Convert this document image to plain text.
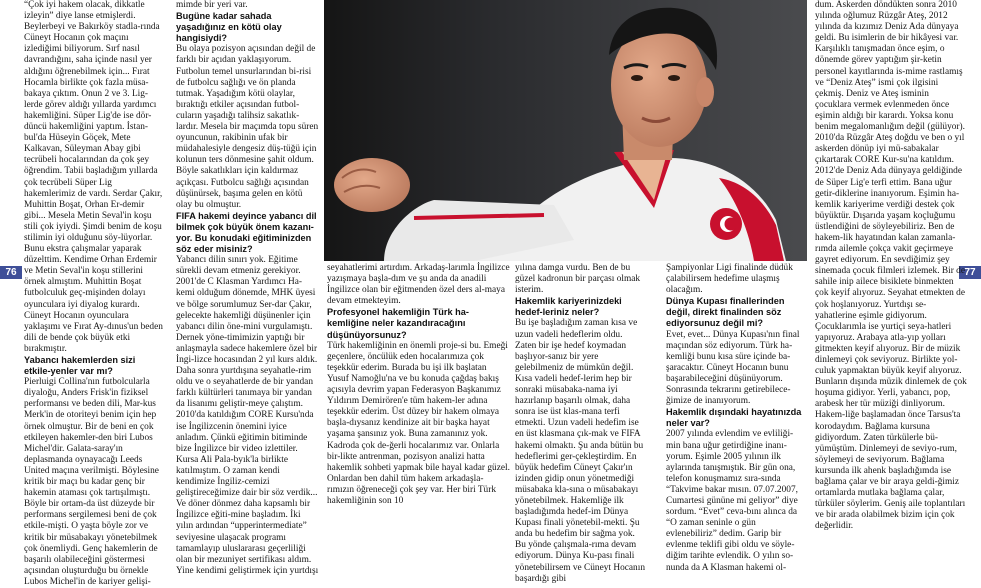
76	77

“Çok iyi hakem olacak, dikkatle izleyin” diye lanse etmişlerdi. Beylerbeyi ve Bakırköy stadla-rında Cüneyt Hocanın çok maçını izlediğimi biliyorum. Sırf nasıl davrandığını, saha içinde nasıl yer aldığını öğrenebilmek için... Fırat Hocamla birlikte çok fazla müsa-bakaya çıktım. Onun 2 ve 3. Lig-lerde görev aldığı yıllarda yardımcı hakemliğini. Süper Lig'de ise dör-düncü hakemliğini yaptım. İstan-bul'da Hüseyin Göçek, Mete Kalkavan, Süleyman Abay gibi tecrübeli hocalarından da çok şey öğrendim. Tabii başladığım yıllarda çok tecrübeli Süper Lig hakemlerimiz de vardı. Serdar Çakır, Muhittin Boşat, Orhan Er-demir gibi... Mesela Metin Seval'in koşu stili çok iyiydi. Şimdi benim de koşu stilimin iyi olduğunu söy-lüyorlar. Bunu ekstra çalışmalar yaparak düzelttim. Kendime Orhan Erdemir ve Metin Seval'in koşu stillerini örnek almıştım. Muhittin Boşat futbolculuk geç-mişinden dolayı oyunculara iyi diyalog kurardı. Cüneyt Hocanın oyunculara yaklaşımı ve Fırat Ay-dınus'un beden dili de bende çok büyük etki bırakmıştır.

Yabancı hakemlerden sizi etkile-yenler var mı?

Pierluigi Collina'nın futbolcularla diyaloğu, Anders Frisk'in fiziksel performansı ve beden dili, Mar-kus Merk'in de otoriteyi benim için hep örnek olmuştur. Bir de beni en çok etkileyen hakemler-den biri Lubos Michel'dir. Galata-saray'ın deplasmanda oynayacağı Leeds United maçına verilmişti. Böylesine kritik bir maçı bu kadar genç bir hakemin ataması çok tartışılmıştı. Böyle bir ortam-da üst düzeyde bir performans sergilemesi beni de çok etkile-mişti. O yaşta böyle zor ve kritik bir müsabakayı yönetebilmek çok önemliydi. Genç hakemlerin de başarılı olabileceğini göstermesi açısından oluşturduğu bu örnekle Lubos Michel'in de kariyer gelişi-

mimde bir yeri var.

Bugüne kadar sahada yaşadığınız en kötü olay hangisiydi?

Bu olaya pozisyon açısından değil de farklı bir açıdan yaklaşıyorum. Futbolun temel unsurlarından bi-risi de futbolcu sağlığı ve ön planda tutmak. Yaşadığım kötü olaylar, bıraktığı etkiler açısından futbol-cuların yaşadığı talihsiz sakatlık-lardır. Mesela bir maçımda topu süren oyuncunun, rakibinin ufak bir müdahalesiyle dengesiz düş-tüğü için kolunun ters dönmesine şahit oldum. Böyle sakatlıkları için kaldırmaz açıkçası. Futbolcu sağlığı açısından düşünürsek, başıma gelen en kötü olay bu olmuştur.

FIFA hakemi deyince yabancı dil bilmek çok büyük önem kazanı-yor. Bu konudaki eğitiminizden söz eder misiniz?

Yabancı dilin sınırı yok. Eğitime sürekli devam etmeniz gerekiyor. 2001'de C Klasman Yardımcı Ha-kemi olduğum dönemde, MHK üyesi ve bölge sorumlumuz Ser-dar Çakır, gelecekte hakemliği düşünenler için yabancı dilin öne-mini vurgulamıştı. Dernek yöne-timimizin yaptığı bir anlaşmayla sadece hakemlere özel bir İngi-lizce hocasından 2 yıl kurs aldık. Daha sonra yurtdışına seyahatle-rim oldu ve o seyahatlerde de bir yandan farklı kültürleri tanımaya bir yandan da lisanımı geliştir-meye çalıştım. 2010'da katıldığım CORE Kursu'nda ise İngilizcenin önemini iyice anladım. Çünkü eğitimin bitiminde bize İngilizce bir video izlettiler. Kursa Ali Pala-byık'la birlikte katılmıştım. O zaman kendi kendimize İngiliz-cemizi geliştireceğimize dair bir söz verdik... Ve döner dönmez daha kapsamlı bir İngilizce eğiti-mine başladım. İki yılın ardından “upperintermediate” seviyesine ulaşacak programı tamamlayıp uluslararası geçerliliği olan bir mezuniyet sertifikası aldım. Yine kendimi geliştirmek için yurtdışı

seyahatlerimi artırdım. Arkadaş-larımla İngilizce yazışmaya başla-dım ve şu anda da anadili İngilizce olan bir eğitmenden özel ders al-maya devam etmekteyim.

Profesyonel hakemliğin Türk ha-kemliğine neler kazandıracağını düşünüyorsunuz?

Türk hakemliğinin en önemli proje-si bu. Emeği geçenlere, öncülük eden hocalarımıza çok teşekkür ederim. Burada bu işi ilk başlatan Yusuf Namoğlu'na ve bu konuda çağdaş bakış açısıyla devrim yapan Federasyon Başkanımız Yıldırım Demirören'e tüm hakem-ler adına teşekkür ederim. Üst düzey bir hakem olmaya başla-dıysanız kendinize ait bir başka hayat yaşama şansınız yok. Buna zamanınız yok. Kadroda çok de-ğerli hocalarımız var. Onlarla bir-likte antrenman, pozisyon analizi hatta hakemlik sohbeti yapmak bile hayal kadar güzel. Onlardan ben dahil tüm hakem arkadaşla-rımızın öğreneceği çok şey var. Her biri Türk hakemliğinin son 10

yılına damga vurdu. Ben de bu güzel kadronun bir parçası olmak isterim.

Hakemlik kariyerinizdeki hedef-leriniz neler?

Bu işe başladığım zaman kısa ve uzun vadeli hedeflerim oldu. Zaten bir işe hedef koymadan başlıyor-sanız bir yere gelebilmeniz de mümkün değil. Kısa vadeli hedef-lerim hep bir sonraki müsabaka-nama iyi hazırlanıp başarılı olmak, daha sonra ise üst klas-mana terfi etmekti. Uzun vadeli hedefim ise en üst klasmana çık-mak ve FIFA hakemi olmaktı. Şu anda bütün bu hedeflerimi ger-çekleştirdim. En büyük hedefim Cüneyt Çakır'ın izinden gidip onun yönetmediği müsabaka kla-sına o müsabakayı yönetebilmek. Hakemliğe ilk başladığımda hedef-im Dünya Kupası finali yönetebil-mekti. Şu anda bu hedefim bir sağma yok. Bu yönde çalışmala-rıma devam ediyorum. Dünya Ku-pası finali yönetebilirsem ve Cüneyt Hocanın başardığı gibi

Şampiyonlar Ligi finalinde düdük çalabilirsem hedefime ulaşmış olacağım.

Dünya Kupası finallerinden değil, direkt finalinden söz ediyorsunuz değil mi?

Evet, evet... Dünya Kupası'nın final maçından söz ediyorum. Türk ha-kemliği bunu kısa süre içinde ba-şaracaktır. Cüneyt Hocanın bunu başarabileceğini düşünüyorum. Sonrasında tekrarını getirebilece-ğimize de inanıyorum.

Hakemlik dışındaki hayatınızda neler var?

2007 yılında evlendim ve evliliği-min bana uğur getirdiğine inanı-yorum. Eşimle 2005 yılının ilk aylarında tanışmıştık. Bir gün ona, telefon konuşmamız sıra-sında “Takvime bakar mısın. 07.07.2007, Cumartesi gününe mi geliyor” diye sordum. “Evet” ceva-bını alınca da “O zaman seninle o gün evlenebiliriz” dedim. Garip bir evlenme teklifi gibi oldu ve söyle-diğim tarihte evlendik. O yılın so-nunda da A Klasman hakemi ol-

dum. Askerden döndükten sonra 2010 yılında oğlumuz Rüzgâr Ateş, 2012 yılında da kızımız Deniz Ada dünyaya geldi. Bu isimlerin de bir hikâyesi var. Karşılıklı tanışmadan önce eşim, o dönemde görev yaptığım şir-ketin personel kayıtlarında is-mime rastlamış ve “Deniz Ateş” ismi çok ilgisini çekmiş. Deniz ve Ateş isminin çocuklara vermek evlenmeden önce eşimin aldığı bir karardı. Yoksa konu benim megalomanlığım değil (gülüyor). 2010'da Rüzgâr Ateş doğdu ve ben o yıl askerden dönüp iyi mü-sabakalar çıkartarak CORE Kur-su'na katıldım. 2012'de Deniz Ada dünyaya geldiğinde de Süper Lig'e terfi ettim. Bana uğur getir-diklerine inanıyorum. Eşimin ha-kemlik kariyerime verdiği destek çok büyüktür. Dışarıda yaşam koçluğumu üstlendiğini de söyleyebiliriz. Ben de hakem-lik hayatından kalan zamanla-rımda ailemle çokça vakit geçirmeye gayret ediyorum. En sevdiğimiz şey sinemada çocuk filmleri izlemek. Bir de sahile inip ailece bisiklete binmekten çok keyif alıyoruz. Seyahat etmekten de çok hoşlanıyoruz. Yurtdışı se-yahatlerine eşimle gidiyorum. Çocuklarımla ise yurtiçi seya-hatleri yapıyoruz. Arabaya atla-yıp yolları gitmekten keyif alıyoruz. Bir de müzik dinlemeyi çok seviyoruz. Birlikte yol-culuk yapmaktan büyük keyif alıyoruz. Bunların dışında müzik dinlemek de çok hoşuma gidiyor. Yerli, yabancı, pop, arabesk her tür müziği dinliyorum. Hakem-liğe başlamadan önce Tarsus'ta korodaydım. Bağlama kursuna gidiyordum. Zaten türkülerle bü-yümüştüm. Dinlemeyi de seviyo-rum, söylemeyi de seviyorum. Bağlama kursunda ilk ahenk başladığımda ise bağlama çalar ve bir araya geldi-ğimiz ortamlarda mutlaka bağlama çalar, türküler söylerim. Geniş aile toplantıları ve bir arada olabilmek bizim için çok değerlidir.
